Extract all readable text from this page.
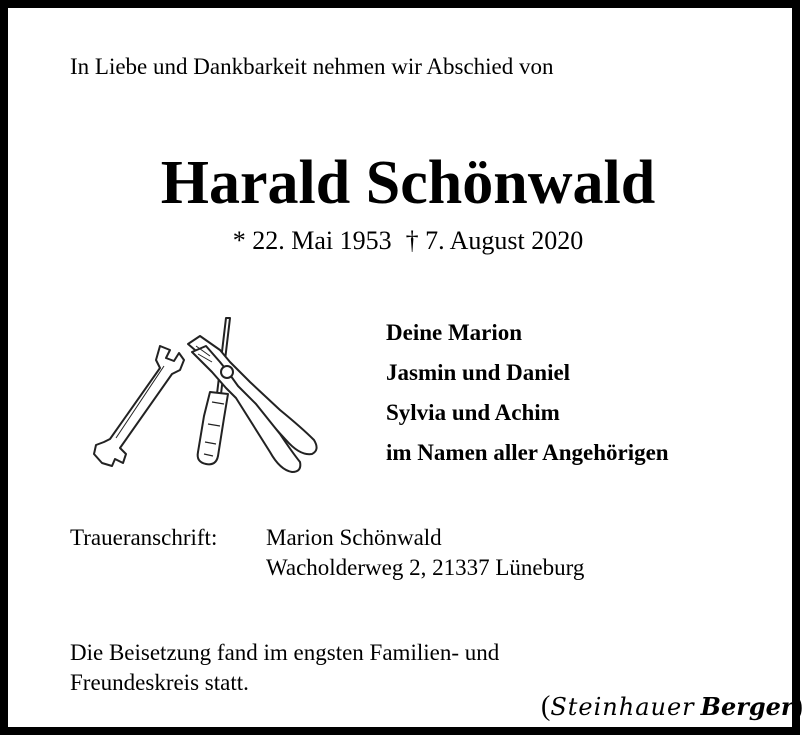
In Liebe und Dankbarkeit nehmen wir Abschied von
Harald Schönwald
* 22. Mai 1953 † 7. August 2020
Deine Marion
Jasmin und Daniel
Sylvia und Achim
im Namen aller Angehörigen
Traueranschrift: Marion Schönwald
Wacholderweg 2, 21337 Lüneburg
Die Beisetzung fand im engsten Familien- und
Freundeskreis statt.
(Steinhauer Berger)
